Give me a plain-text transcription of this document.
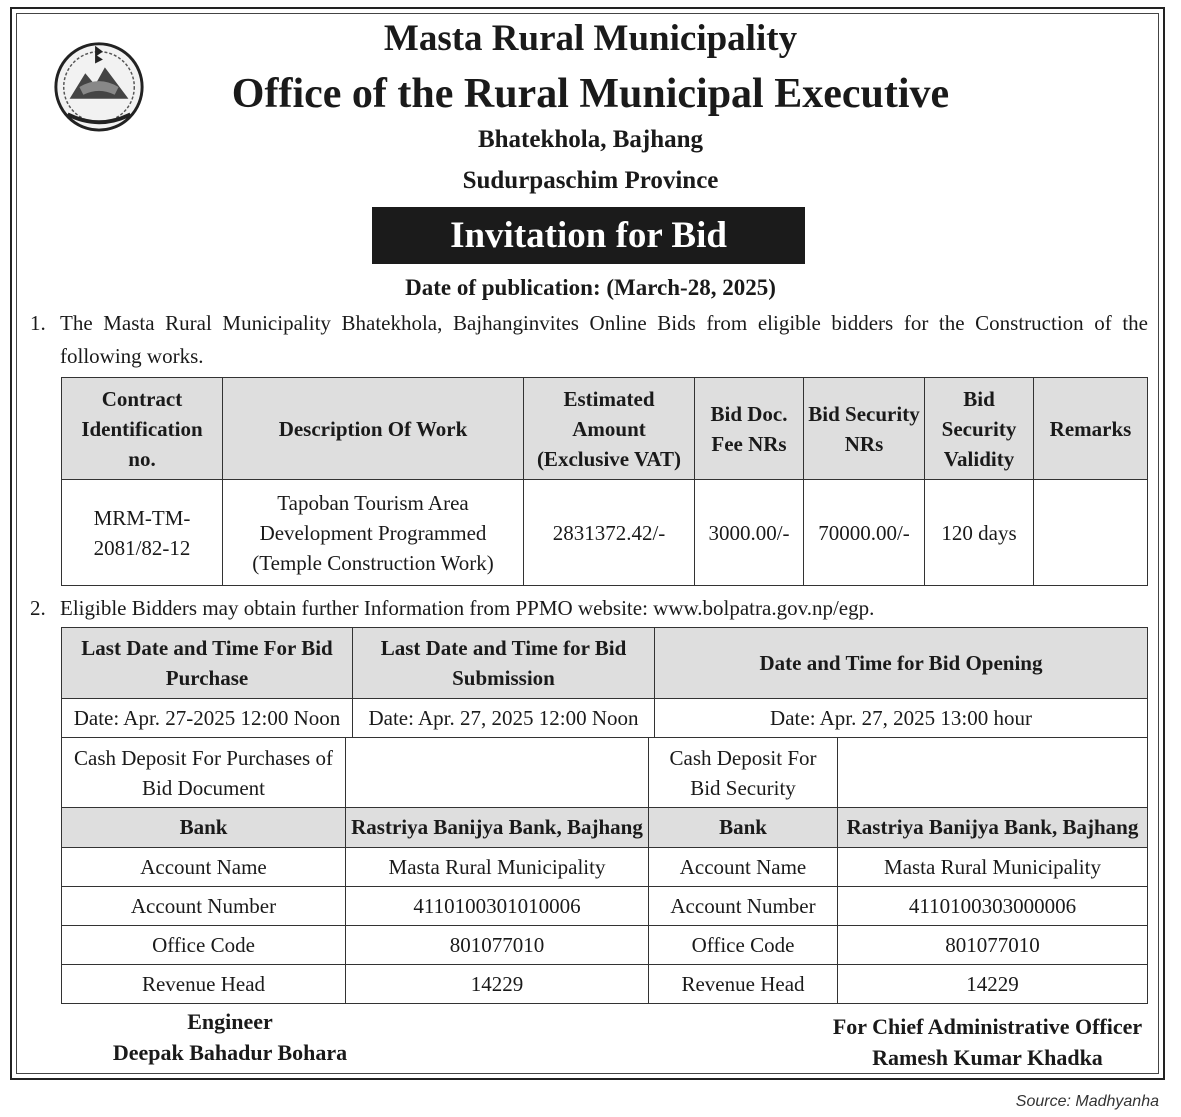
Masta Rural Municipality
Office of the Rural Municipal Executive
Bhatekhola, Bajhang
Sudurpaschim Province
Invitation for Bid
Date of publication: (March-28, 2025)
1. The Masta Rural Municipality Bhatekhola, Bajhanginvites Online Bids from eligible bidders for the Construction of the following works.
Contract Identification no.	Description Of Work	Estimated Amount (Exclusive VAT)	Bid Doc. Fee NRs	Bid Security NRs	Bid Security Validity	Remarks
MRM-TM-2081/82-12	Tapoban Tourism Area Development Programmed (Temple Construction Work)	2831372.42/-	3000.00/-	70000.00/-	120 days	
2. Eligible Bidders may obtain further Information from PPMO website: www.bolpatra.gov.np/egp.
Last Date and Time For Bid Purchase	Last Date and Time for Bid Submission	Date and Time for Bid Opening
Date: Apr. 27-2025 12:00 Noon	Date: Apr. 27, 2025 12:00 Noon	Date: Apr. 27, 2025 13:00 hour
Cash Deposit For Purchases of Bid Document		Cash Deposit For Bid Security	
Bank	Rastriya Banijya Bank, Bajhang	Bank	Rastriya Banijya Bank, Bajhang
Account Name	Masta Rural Municipality	Account Name	Masta Rural Municipality
Account Number	4110100301010006	Account Number	4110100303000006
Office Code	801077010	Office Code	801077010
Revenue Head	14229	Revenue Head	14229
Engineer
Deepak Bahadur Bohara
For Chief Administrative Officer
Ramesh Kumar Khadka
Source: Madhyanha
